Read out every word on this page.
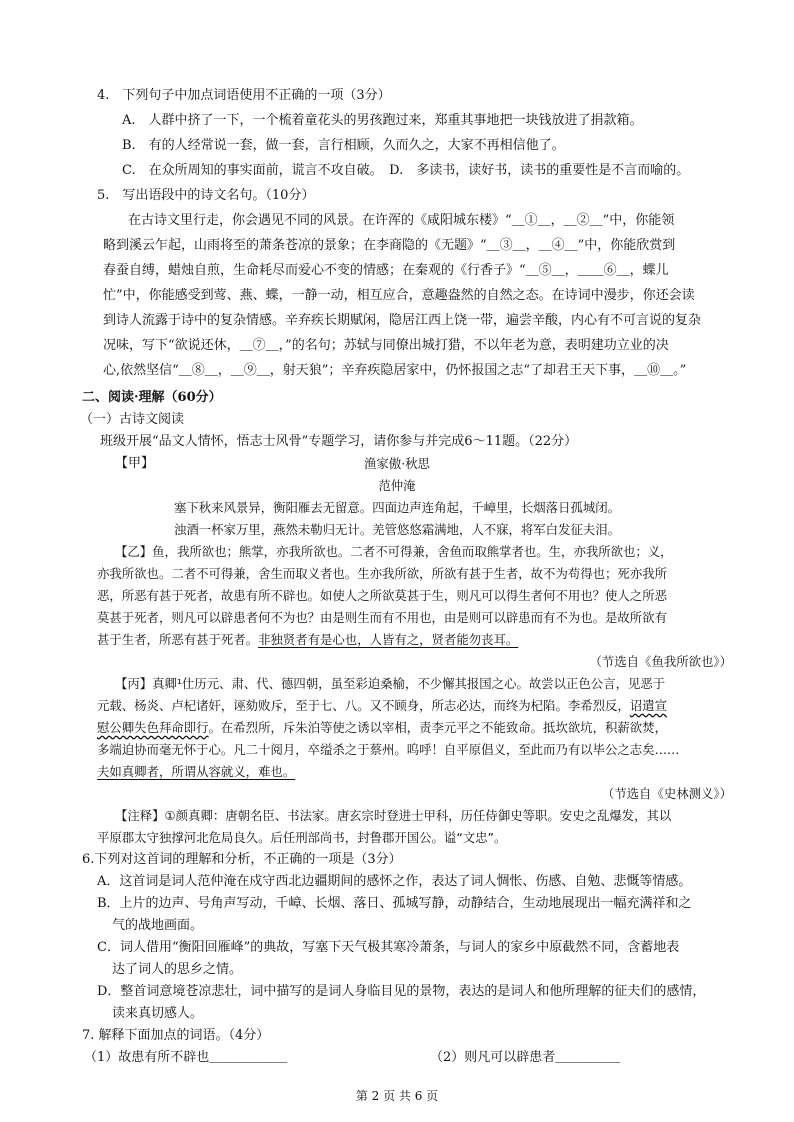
4.　下列句子中加点词语使用不正确的一项（3分）
A.　人群中挤了一下，一个梳着童花头的男孩跑过来，郑重其事地把一块钱放进了捐款箱。
B.　有的人经常说一套，做一套，言行相顾，久而久之，大家不再相信他了。
C.　在众所周知的事实面前，谎言不攻自破。　D.　多读书，读好书，读书的重要性是不言而喻的。
5.　写出语段中的诗文名句。（10分）
在古诗文里行走，你会遇见不同的风景。在许浑的《咸阳城东楼》“＿①＿，＿②＿”中，你能领
略到溪云乍起，山雨将至的萧条苍凉的景象；在李商隐的《无题》“＿③＿，＿④＿”中，你能欣赏到
春蚕自缚，蜡烛自煎，生命耗尽而爱心不变的情感；在秦观的《行香子》“＿⑤＿，＿＿⑥＿，蝶儿
忙”中，你能感受到莺、燕、蝶，一静一动，相互应合，意趣盎然的自然之态。在诗词中漫步，你还会读
到诗人流露于诗中的复杂情感。辛弃疾长期赋闲，隐居江西上饶一带，遍尝辛酸，内心有不可言说的复杂
况味，写下“欲说还休，＿⑦＿，”的名句；苏轼与同僚出城打猎，不以年老为意，表明建功立业的决
心,依然坚信“＿⑧＿，＿⑨＿，射天狼”；辛弃疾隐居家中，仍怀报国之志“了却君王天下事，＿⑩＿。”
二、阅读·理解（60分）
（一）古诗文阅读
班级开展“品文人情怀，悟志士风骨”专题学习，请你参与并完成6～11题。（22分）
【甲】	渔家傲·秋思
范仲淹
塞下秋来风景异，衡阳雁去无留意。四面边声连角起，千嶂里，长烟落日孤城闭。
浊酒一杯家万里，燕然未勒归无计。羌管悠悠霜满地，人不寐，将军白发征夫泪。
【乙】鱼，我所欲也；熊掌，亦我所欲也。二者不可得兼，舍鱼而取熊掌者也。生，亦我所欲也；义，
亦我所欲也。二者不可得兼，舍生而取义者也。生亦我所欲，所欲有甚于生者，故不为苟得也；死亦我所
恶，所恶有甚于死者，故患有所不辟也。如使人之所欲莫甚于生，则凡可以得生者何不用也？使人之所恶
莫甚于死者，则凡可以辟患者何不为也？由是则生而有不用也，由是则可以辟患而有不为也。是故所欲有
甚于生者，所恶有甚于死者。非独贤者有是心也，人皆有之，贤者能勿丧耳。
（节选自《鱼我所欲也》）
【丙】真卿¹仕历元、肃、代、德四朝，虽至彩迫桑榆，不少懈其报国之心。故尝以正色公言，见恶于
元载、杨炎、卢杞诸奸，诬劾败斥，至于七、八。又不顾身，所志必达，而终为杞陷。李希烈反，诏遣宣
慰公卿失色拜命即行。在希烈所，斥朱泊等使之诱以宰相，责李元平之不能致命。抵坎欲坑，积薪欲焚，
多端迫协而毫无怀于心。凡二十阅月，卒缢杀之于蔡州。呜呼！自平原倡义，至此而乃有以毕公之志矣……
夫如真卿者，所谓从容就义，难也。
（节选自《史林测义》）
【注释】①颜真卿：唐朝名臣、书法家。唐玄宗时登进士甲科，历任侍御史等职。安史之乱爆发，其以
平原郡太守独撑河北危局良久。后任刑部尚书，封鲁郡开国公。谥“文忠”。
6.下列对这首词的理解和分析，不正确的一项是（3分）
A．这首词是词人范仲淹在戍守西北边疆期间的感怀之作，表达了词人惆怅、伤感、自勉、悲慨等情感。
B．上片的边声、号角声写动，千嶂、长烟、落日、孤城写静，动静结合，生动地展现出一幅充满祥和之
气的战地画面。
C．词人借用“衡阳回雁峰”的典故，写塞下天气极其寒冷萧条，与词人的家乡中原截然不同，含蓄地表
达了词人的思乡之情。
D．整首词意境苍凉悲壮，词中描写的是词人身临目见的景物，表达的是词人和他所理解的征夫们的感情，
读来真切感人。
7. 解释下面加点的词语。（4分）
（1）故患有所不辟也＿＿＿＿＿＿	（2）则凡可以辟患者＿＿＿＿＿
第 2 页 共 6 页
